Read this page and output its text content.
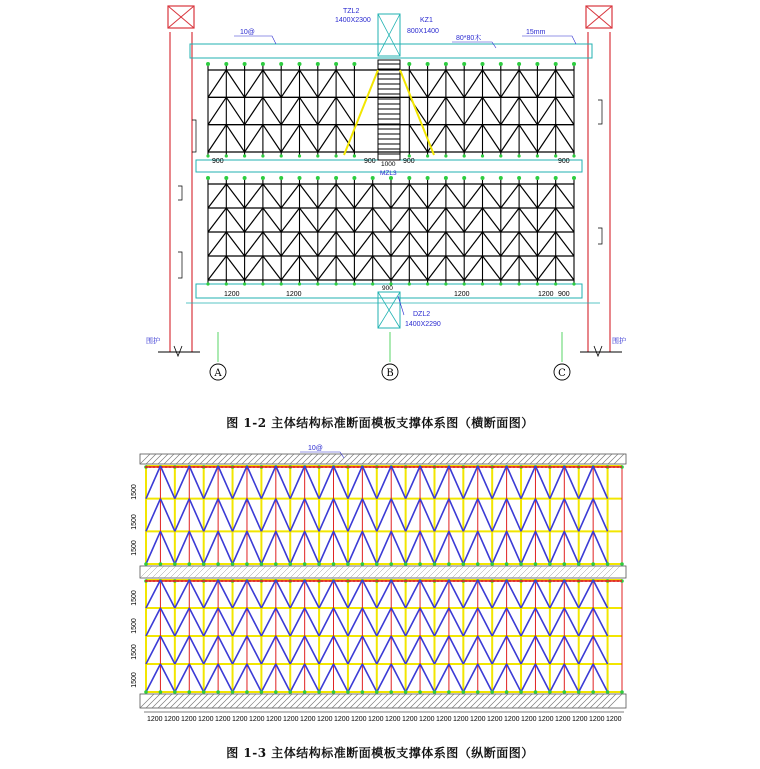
围护	围护
A	B	C
TZL2
1400X2300	KZ1
800X1400
10@
80*80木
15mm
MZL3
DZL2
1400X2290
900	900 1000 900	900
1200	1200
900
1200	1200 900
10@
1500
1500
1500
1500
1500
1500
1500
1200 1200 1200 1200 1200 1200 1200 1200 1200 1200 1200 1200 1200 1200 1200 1200 1200 1200 1200 1200 1200 1200 1200 1200 1200 1200 1200 1200
图 1-2 主体结构标准断面模板支撑体系图（横断面图）
图 1-3 主体结构标准断面模板支撑体系图（纵断面图）
